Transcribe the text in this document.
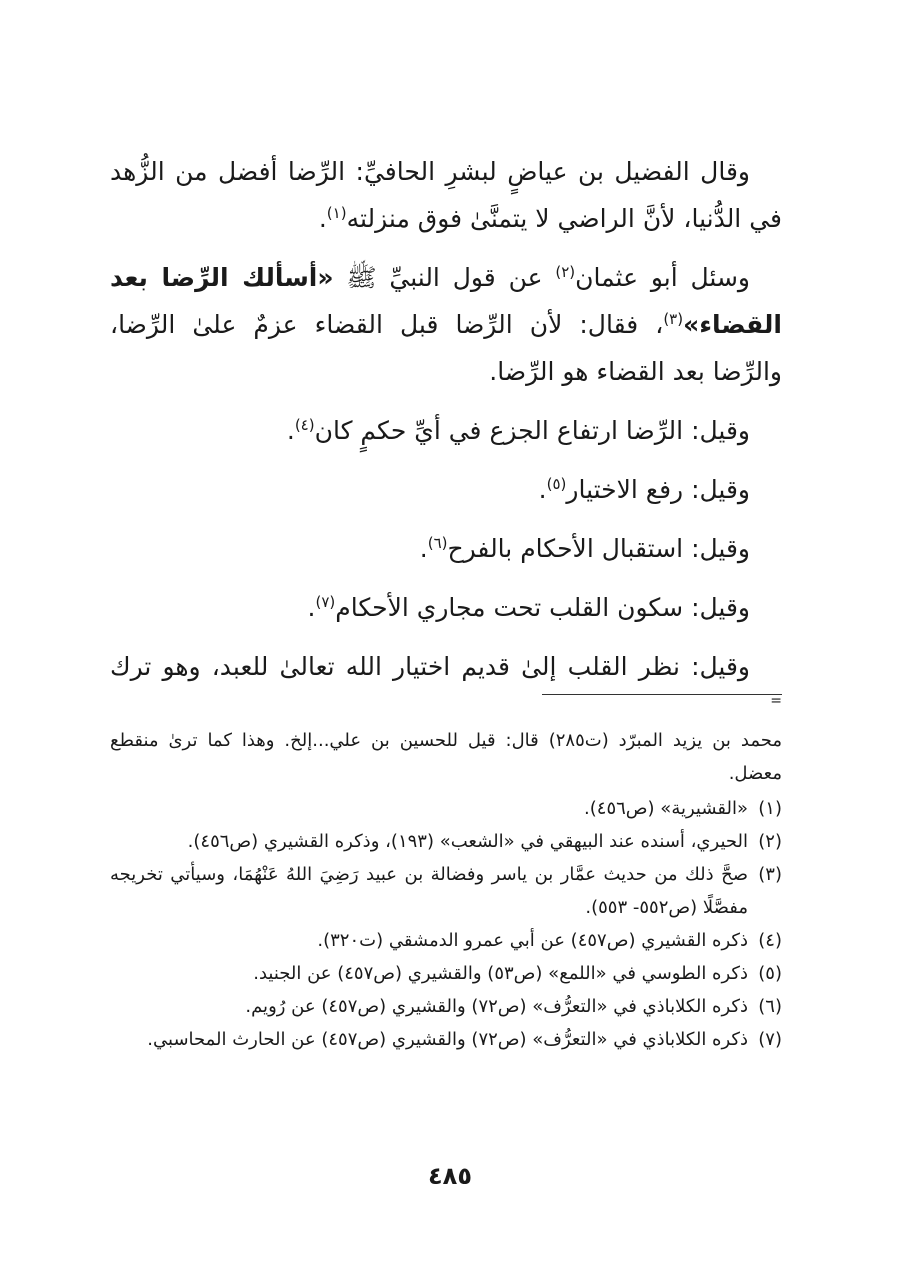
وقال الفضيل بن عياضٍ لبشرِ الحافيِّ: الرِّضا أفضل من الزُّهد في الدُّنيا، لأنَّ الراضي لا يتمنَّىٰ فوق منزلته$^{(١)}$.

وسئل أبو عثمان$^{(٢)}$ عن قول النبيِّ ﷺ «أسألك الرِّضا بعد القضاء»$^{(٣)}$، فقال: لأن الرِّضا قبل القضاء عزمٌ علىٰ الرِّضا، والرِّضا بعد القضاء هو الرِّضا.

وقيل: الرِّضا ارتفاع الجزع في أيِّ حكمٍ كان$^{(٤)}$.

وقيل: رفع الاختيار$^{(٥)}$.

وقيل: استقبال الأحكام بالفرح$^{(٦)}$.

وقيل: سكون القلب تحت مجاري الأحكام$^{(٧)}$.

وقيل: نظر القلب إلىٰ قديم اختيار الله تعالىٰ للعبد، وهو ترك

=

محمد بن يزيد المبرّد (ت٢٨٥) قال: قيل للحسين بن علي...إلخ. وهذا كما ترىٰ منقطع معضل.

(١)
«القشيرية» (ص٤٥٦).
(٢)
الحيري، أسنده عند البيهقي في «الشعب» (١٩٣)، وذكره القشيري (ص٤٥٦).
(٣)
صحَّ ذلك من حديث عمَّار بن ياسر وفضالة بن عبيد رَضِيَ اللهُ عَنْهُمَا، وسيأتي تخريجه مفصَّلًا (ص٥٥٢- ٥٥٣).
(٤)
ذكره القشيري (ص٤٥٧) عن أبي عمرو الدمشقي (ت٣٢٠).
(٥)
ذكره الطوسي في «اللمع» (ص٥٣) والقشيري (ص٤٥٧) عن الجنيد.
(٦)
ذكره الكلاباذي في «التعرُّف» (ص٧٢) والقشيري (ص٤٥٧) عن رُويم.
(٧)
ذكره الكلاباذي في «التعرُّف» (ص٧٢) والقشيري (ص٤٥٧) عن الحارث المحاسبي.
٤٨٥
